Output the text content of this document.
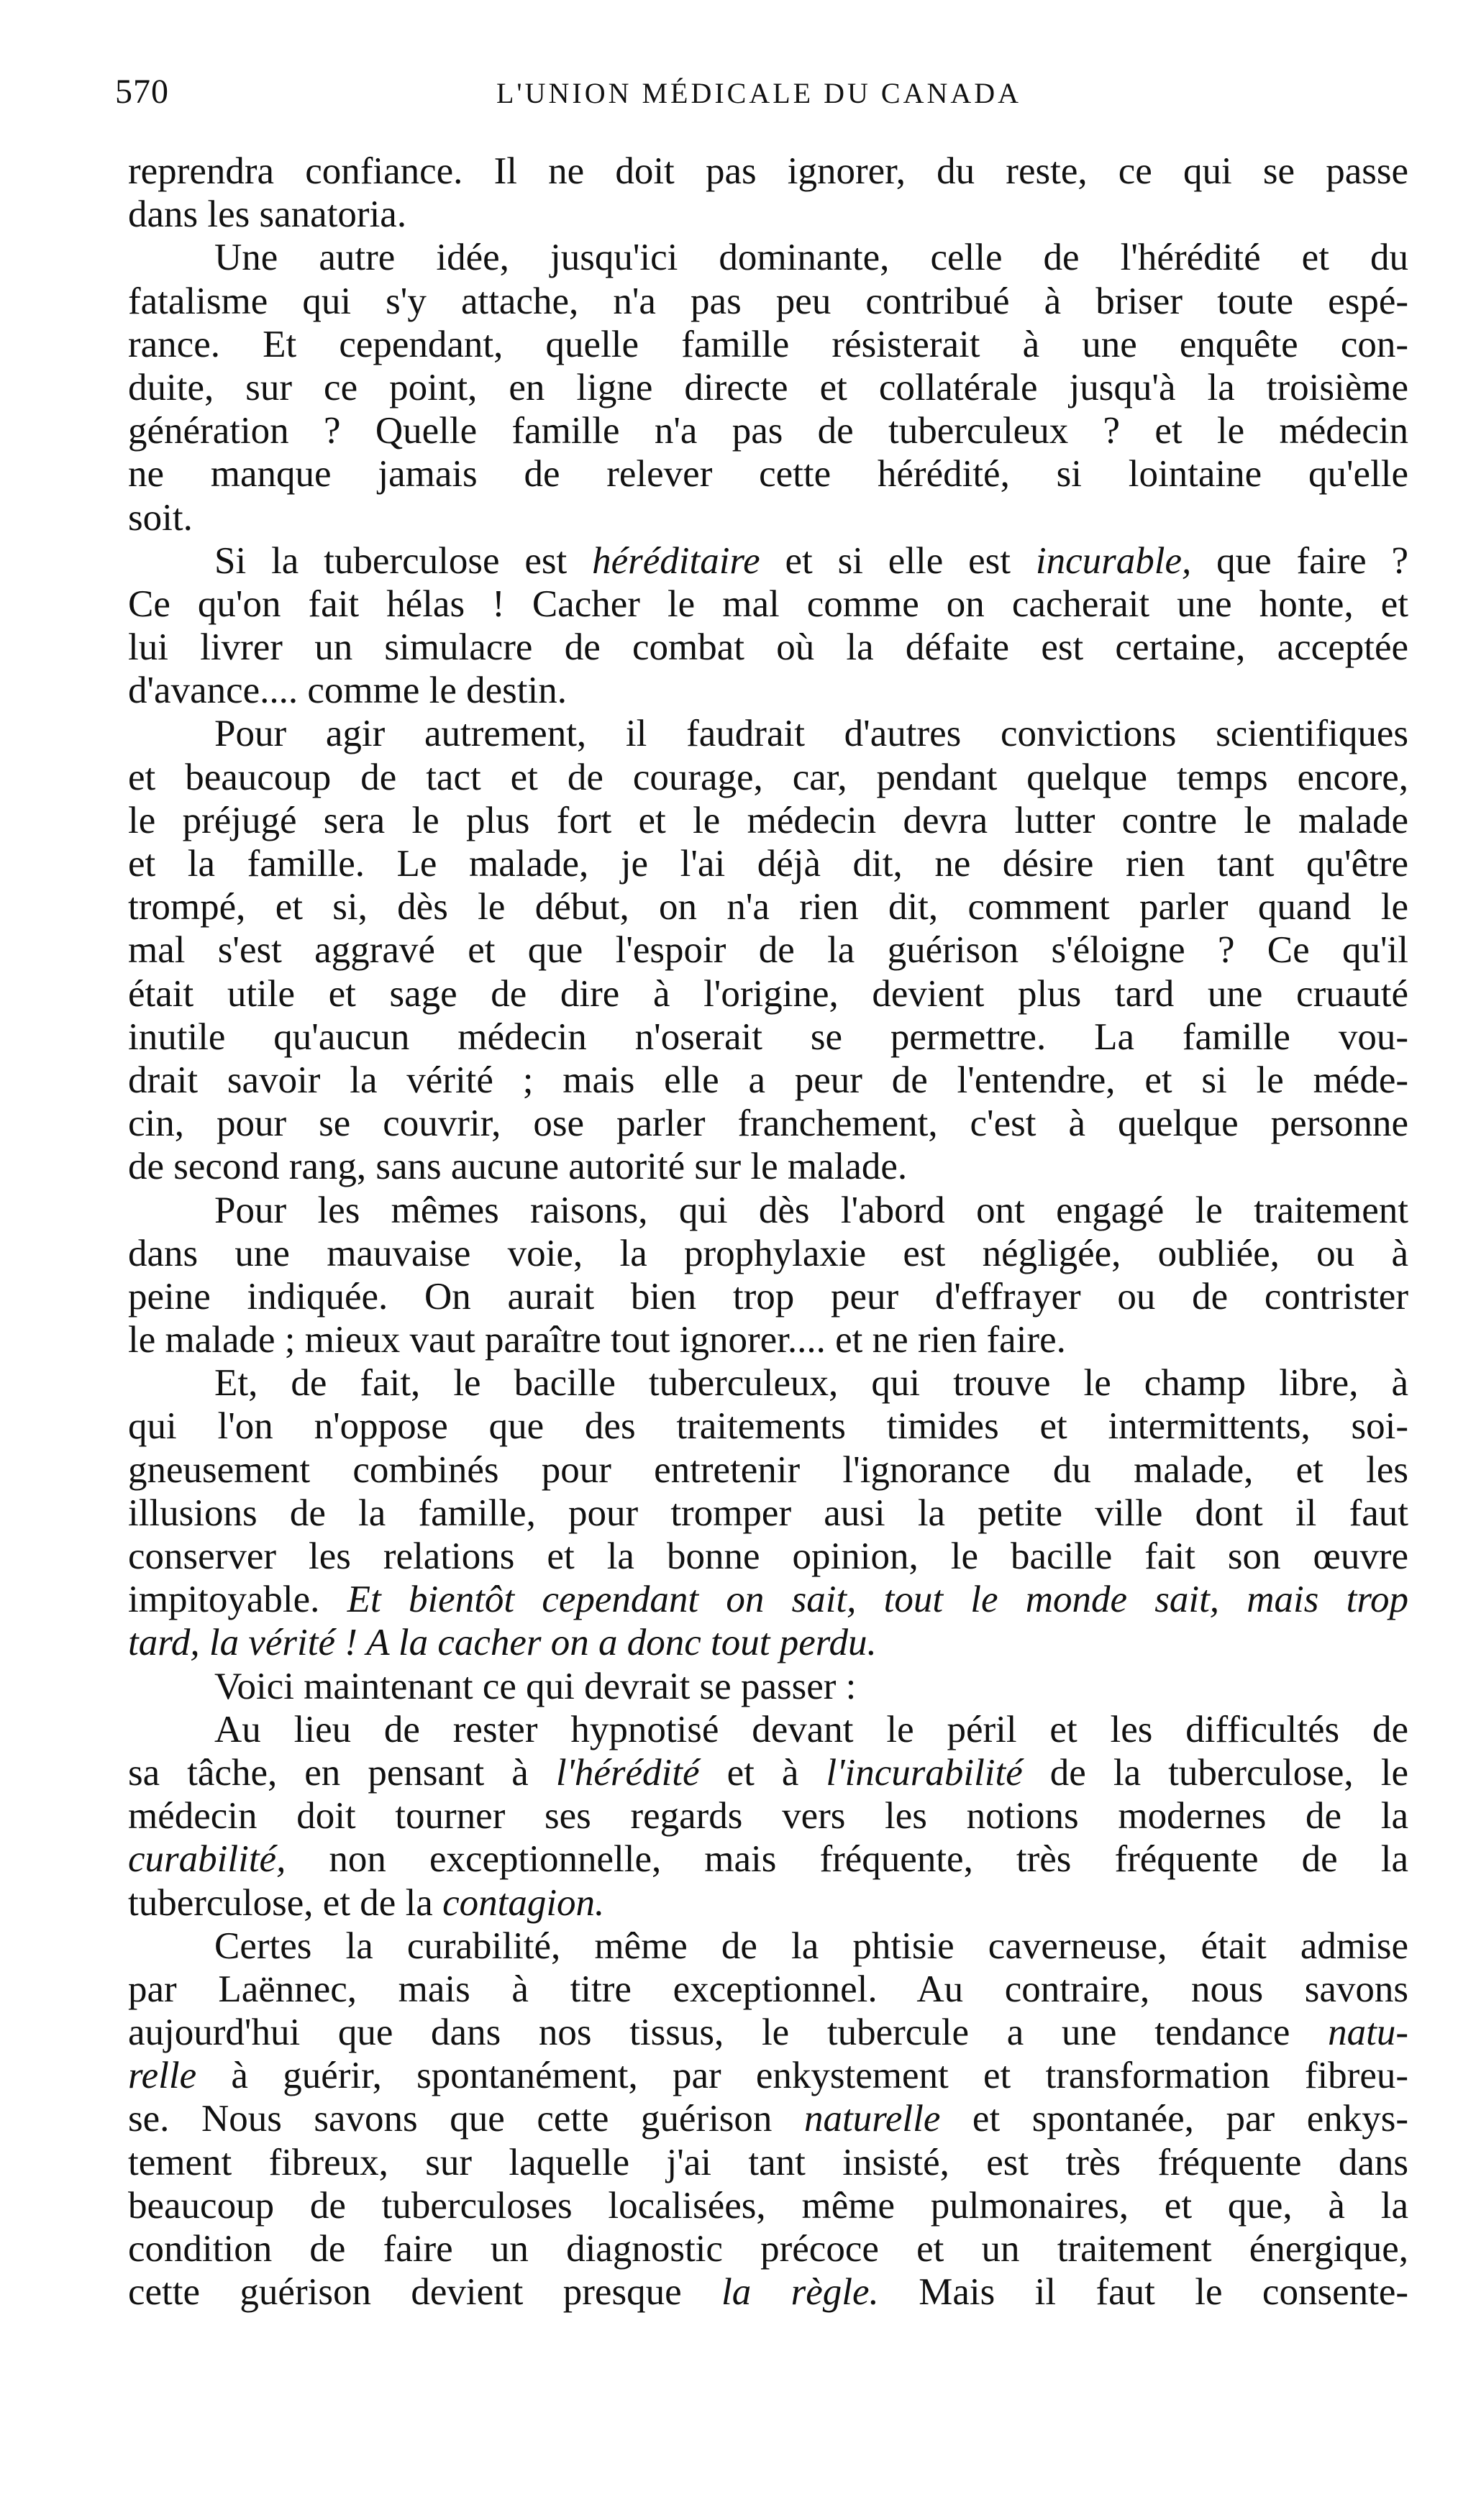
570	L'UNION MÉDICALE DU CANADA
reprendra confiance. Il ne doit pas ignorer, du reste, ce qui se passe
dans les sanatoria.
Une autre idée, jusqu'ici dominante, celle de l'hérédité et du
fatalisme qui s'y attache, n'a pas peu contribué à briser toute espé-
rance. Et cependant, quelle famille résisterait à une enquête con-
duite, sur ce point, en ligne directe et collatérale jusqu'à la troisième
génération ? Quelle famille n'a pas de tuberculeux ? et le médecin
ne manque jamais de relever cette hérédité, si lointaine qu'elle
soit.
Si la tuberculose est héréditaire et si elle est incurable, que faire ?
Ce qu'on fait hélas ! Cacher le mal comme on cacherait une honte, et
lui livrer un simulacre de combat où la défaite est certaine, acceptée
d'avance.... comme le destin.
Pour agir autrement, il faudrait d'autres convictions scientifiques
et beaucoup de tact et de courage, car, pendant quelque temps encore,
le préjugé sera le plus fort et le médecin devra lutter contre le malade
et la famille. Le malade, je l'ai déjà dit, ne désire rien tant qu'être
trompé, et si, dès le début, on n'a rien dit, comment parler quand le
mal s'est aggravé et que l'espoir de la guérison s'éloigne ? Ce qu'il
était utile et sage de dire à l'origine, devient plus tard une cruauté
inutile qu'aucun médecin n'oserait se permettre. La famille vou-
drait savoir la vérité ; mais elle a peur de l'entendre, et si le méde-
cin, pour se couvrir, ose parler franchement, c'est à quelque personne
de second rang, sans aucune autorité sur le malade.
Pour les mêmes raisons, qui dès l'abord ont engagé le traitement
dans une mauvaise voie, la prophylaxie est négligée, oubliée, ou à
peine indiquée. On aurait bien trop peur d'effrayer ou de contrister
le malade ; mieux vaut paraître tout ignorer.... et ne rien faire.
Et, de fait, le bacille tuberculeux, qui trouve le champ libre, à
qui l'on n'oppose que des traitements timides et intermittents, soi-
gneusement combinés pour entretenir l'ignorance du malade, et les
illusions de la famille, pour tromper ausi la petite ville dont il faut
conserver les relations et la bonne opinion, le bacille fait son œuvre
impitoyable. Et bientôt cependant on sait, tout le monde sait, mais trop
tard, la vérité ! A la cacher on a donc tout perdu.
Voici maintenant ce qui devrait se passer :
Au lieu de rester hypnotisé devant le péril et les difficultés de
sa tâche, en pensant à l'hérédité et à l'incurabilité de la tuberculose, le
médecin doit tourner ses regards vers les notions modernes de la
curabilité, non exceptionnelle, mais fréquente, très fréquente de la
tuberculose, et de la contagion.
Certes la curabilité, même de la phtisie caverneuse, était admise
par Laënnec, mais à titre exceptionnel. Au contraire, nous savons
aujourd'hui que dans nos tissus, le tubercule a une tendance natu-
relle à guérir, spontanément, par enkystement et transformation fibreu-
se. Nous savons que cette guérison naturelle et spontanée, par enkys-
tement fibreux, sur laquelle j'ai tant insisté, est très fréquente dans
beaucoup de tuberculoses localisées, même pulmonaires, et que, à la
condition de faire un diagnostic précoce et un traitement énergique,
cette guérison devient presque la règle. Mais il faut le consente-
